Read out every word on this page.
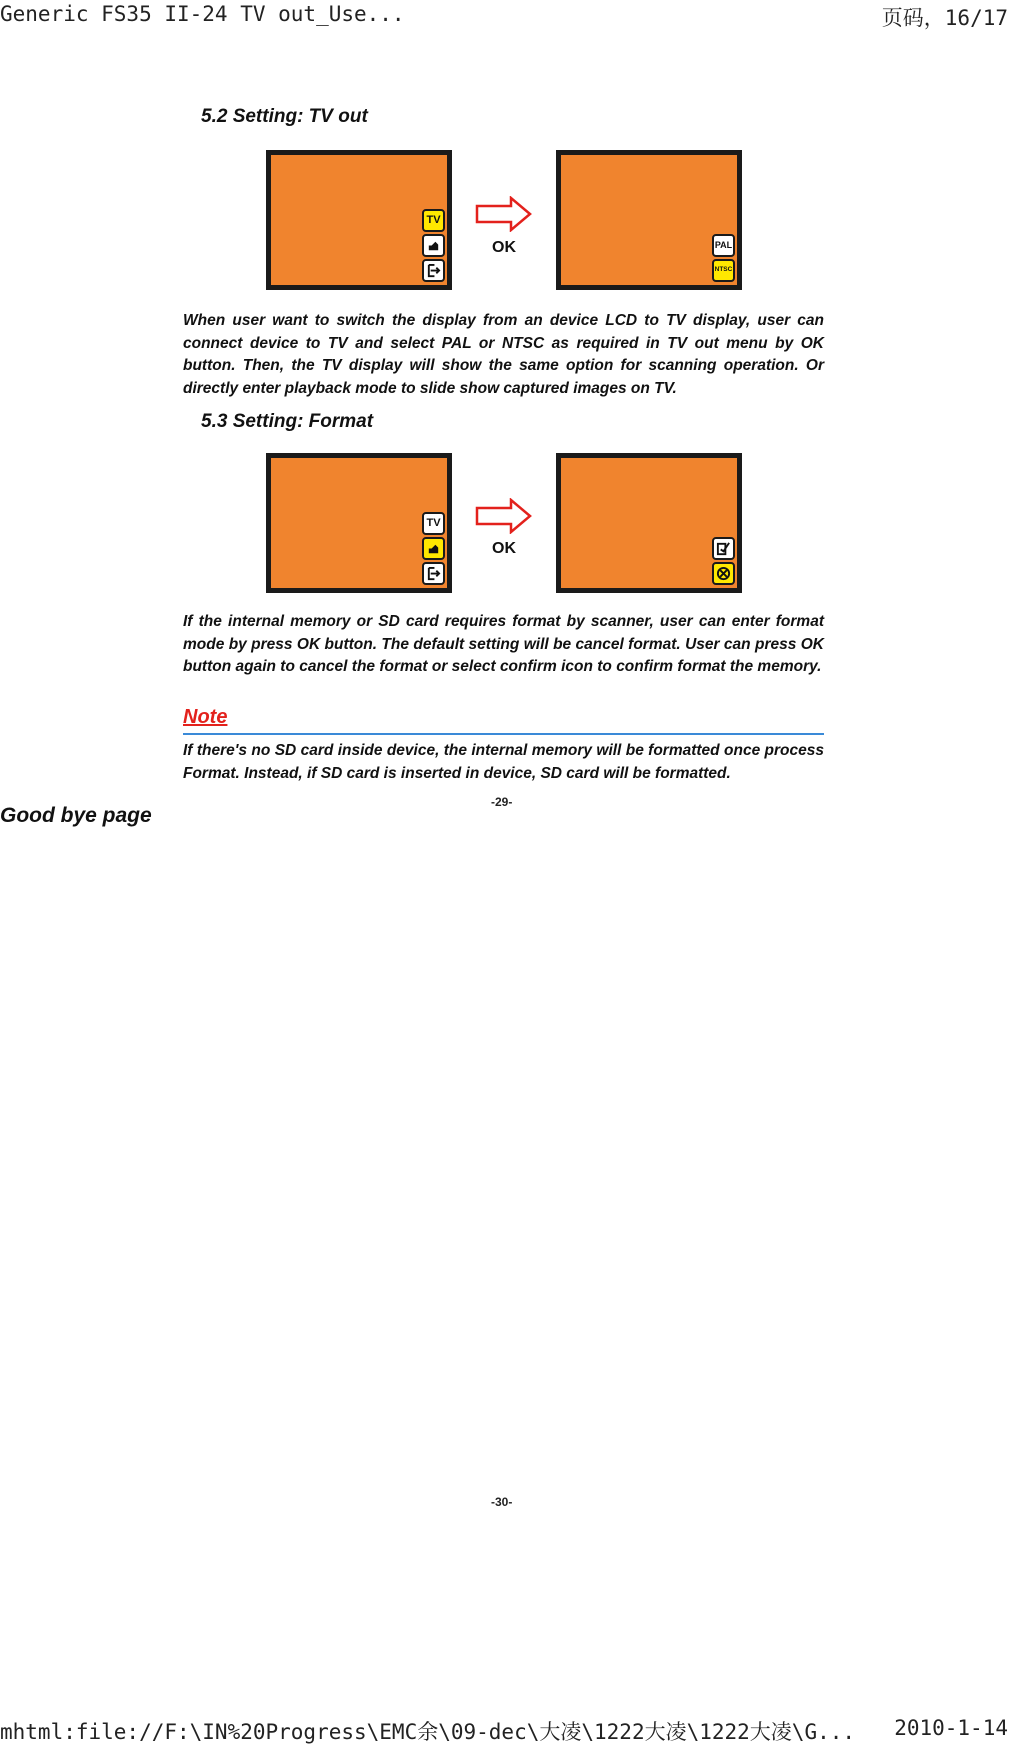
Generic FS35 II-24 TV out_Use...	页码，16/17
5.2 Setting: TV out
TV
OK	PAL
NTSC
When user want to switch the display from an device LCD to TV display, user can connect device to TV and select PAL or NTSC as required in TV out menu by OK button. Then, the TV display will show the same option for scanning operation. Or directly enter playback mode to slide show captured images on TV.
5.3 Setting: Format
TV
OK
If the internal memory or SD card requires format by scanner, user can enter format mode by press OK button. The default setting will be cancel format. User can press OK button again to cancel the format or select confirm icon to confirm format the memory.
Note
If there's no SD card inside device, the internal memory will be formatted once process Format. Instead, if SD card is inserted in device, SD card will be formatted.
-29-
Good bye page
-30-
mhtml:file://F:\IN%20Progress\EMC余\09-dec\大凌\1222大凌\1222大凌\G... 2010-1-14
